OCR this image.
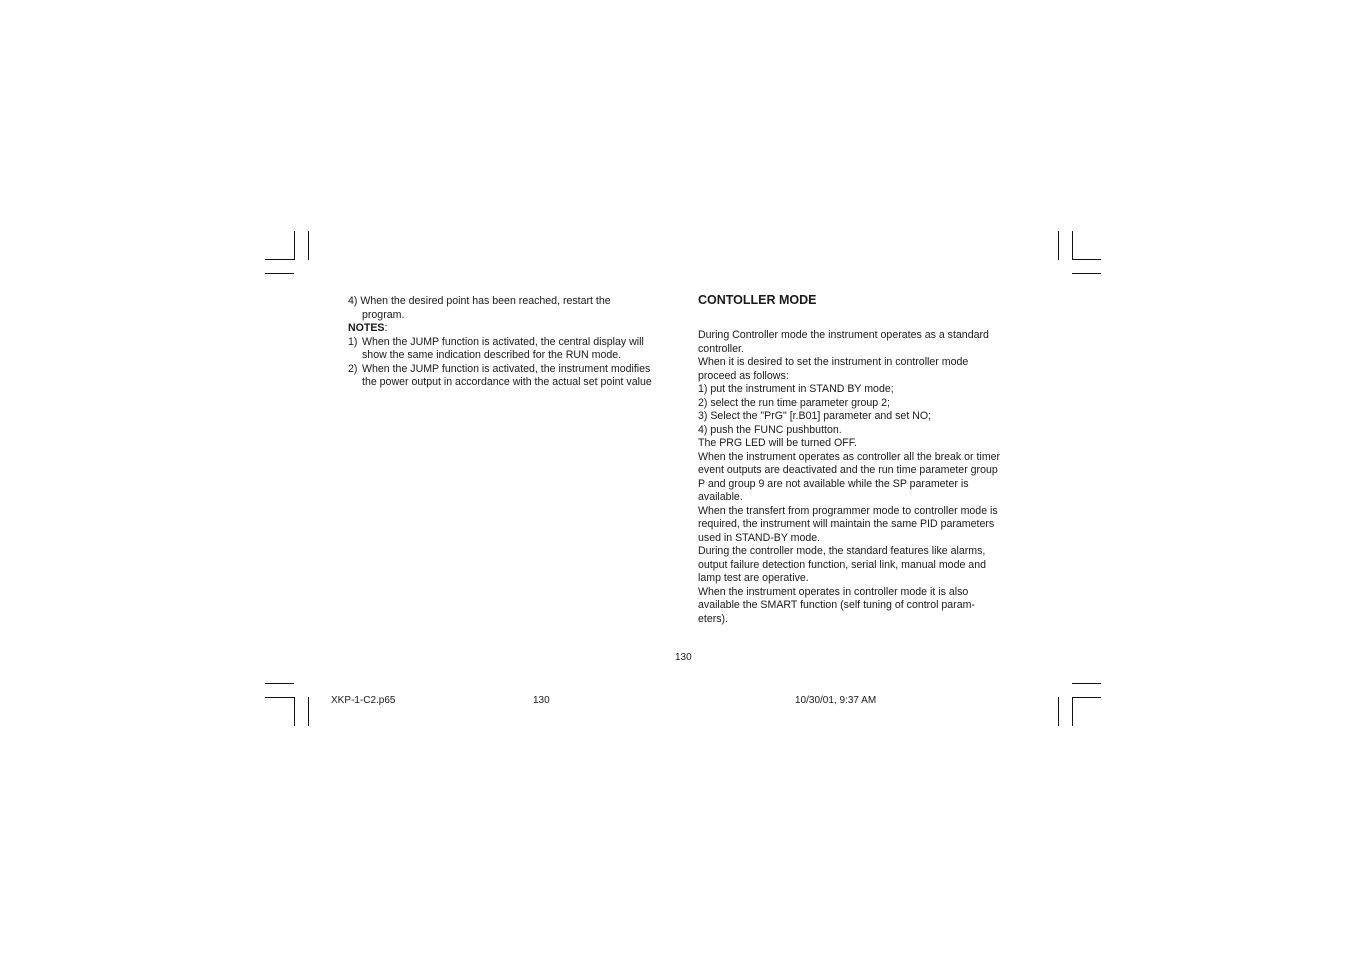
4) When the desired point has been reached, restart the

program.

NOTES:

1) When the JUMP function is activated, the central display will
show the same indication described for the RUN mode.
2) When the JUMP function is activated, the instrument modifies
the power output in accordance with the actual set point value
CONTOLLER MODE

During Controller mode the instrument operates as a standard

controller.

When it is desired to set the instrument in controller mode

proceed as follows:

1) put the instrument in STAND BY mode;

2) select the run time parameter group 2;

3) Select the "PrG" [r.B01] parameter and set NO;

4) push the FUNC pushbutton.

The PRG LED will be turned OFF.

When the instrument operates as controller all the break or timer

event outputs are deactivated and the run time parameter group

P and group 9 are not available while the SP parameter is

available.

When the transfert from programmer mode to controller mode is

required, the instrument will maintain the same PID parameters

used in STAND-BY mode.

During the controller mode, the standard features like alarms,

output failure detection function, serial link, manual mode and

lamp test are operative.

When the instrument operates in controller mode it is also

available the SMART function (self tuning of control param-

eters).

130
XKP-1-C2.p65	130	10/30/01, 9:37 AM
